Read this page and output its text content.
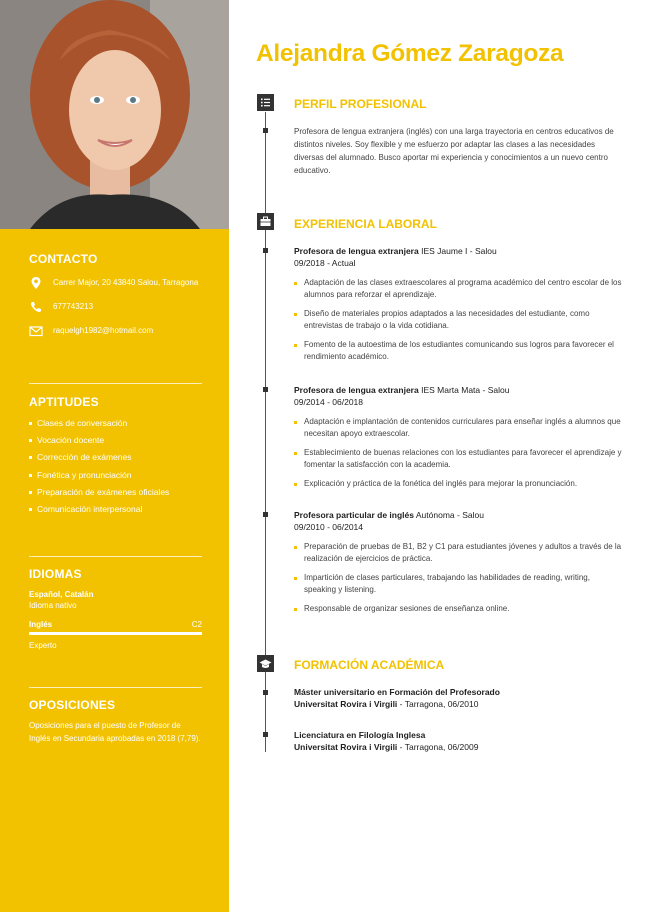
CONTACTO

Carrer Major, 20 43840 Salou, Tarragona
677743213
raquelgh1982@hotmail.com

APTITUDES

Clases de conversación
Vocación docente
Corrección de exámenes
Fonética y pronunciación
Preparación de exámenes oficiales
Comunicación interpersonal

IDIOMAS

Español, Catalán
Idioma nativo
Inglés	C2
Experto

OPOSICIONES

Oposiciones para el puesto de Profesor de Inglés en Secundaria aprobadas en 2018 (7,79).
Alejandra Gómez Zaragoza

PERFIL PROFESIONAL

Profesora de lengua extranjera (inglés) con una larga trayectoria en centros educativos de distintos niveles. Soy flexible y me esfuerzo por adaptar las clases a las necesidades diversas del alumnado. Busco aportar mi experiencia y conocimientos a un nuevo centro educativo.

EXPERIENCIA LABORAL

Profesora de lengua extranjera IES Jaume I - Salou

09/2018 - Actual

Adaptación de las clases extraescolares al programa académico del centro escolar de los alumnos para reforzar el aprendizaje.
Diseño de materiales propios adaptados a las necesidades del estudiante, como entrevistas de trabajo o la vida cotidiana.
Fomento de la autoestima de los estudiantes comunicando sus logros para favorecer el rendimiento académico.

Profesora de lengua extranjera IES Marta Mata - Salou

09/2014 - 06/2018

Adaptación e implantación de contenidos curriculares para enseñar inglés a alumnos que necesitan apoyo extraescolar.
Establecimiento de buenas relaciones con los estudiantes para favorecer el aprendizaje y fomentar la satisfacción con la academia.
Explicación y práctica de la fonética del inglés para mejorar la pronunciación.

Profesora particular de inglés Autónoma - Salou

09/2010 - 06/2014

Preparación de pruebas de B1, B2 y C1 para estudiantes jóvenes y adultos a través de la realización de ejercicios de práctica.
Impartición de clases particulares, trabajando las habilidades de reading, writing, speaking y listening.
Responsable de organizar sesiones de enseñanza online.

FORMACIÓN ACADÉMICA

Máster universitario en Formación del Profesorado

Universitat Rovira i Virgili - Tarragona, 06/2010

Licenciatura en Filología Inglesa

Universitat Rovira i Virgili - Tarragona, 06/2009
